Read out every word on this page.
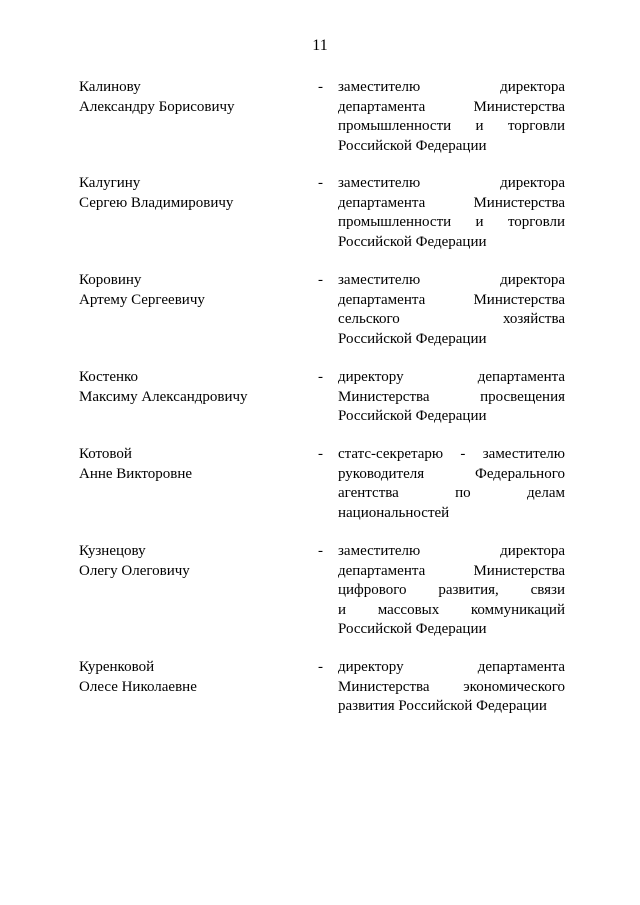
11
Калинову
Александру Борисовичу
- заместителю	директора
департамента	Министерства
промышленности и торговли
Российской Федерации
Калугину
Сергею Владимировичу
- заместителю	директора
департамента	Министерства
промышленности и торговли
Российской Федерации
Коровину
Артему Сергеевичу
- заместителю	директора
департамента	Министерства
сельского	хозяйства
Российской Федерации
Костенко
Максиму Александровичу
- директору	департамента
Министерства	просвещения
Российской Федерации
Котовой
Анне Викторовне
- статс-секретарю - заместителю
руководителя	Федерального
агентства	по	делам
национальностей
Кузнецову
Олегу Олеговичу
- заместителю	директора
департамента	Министерства
цифрового развития, связи
и массовых коммуникаций
Российской Федерации
Куренковой
Олесе Николаевне
- директору	департамента
Министерства экономического
развития Российской Федерации
